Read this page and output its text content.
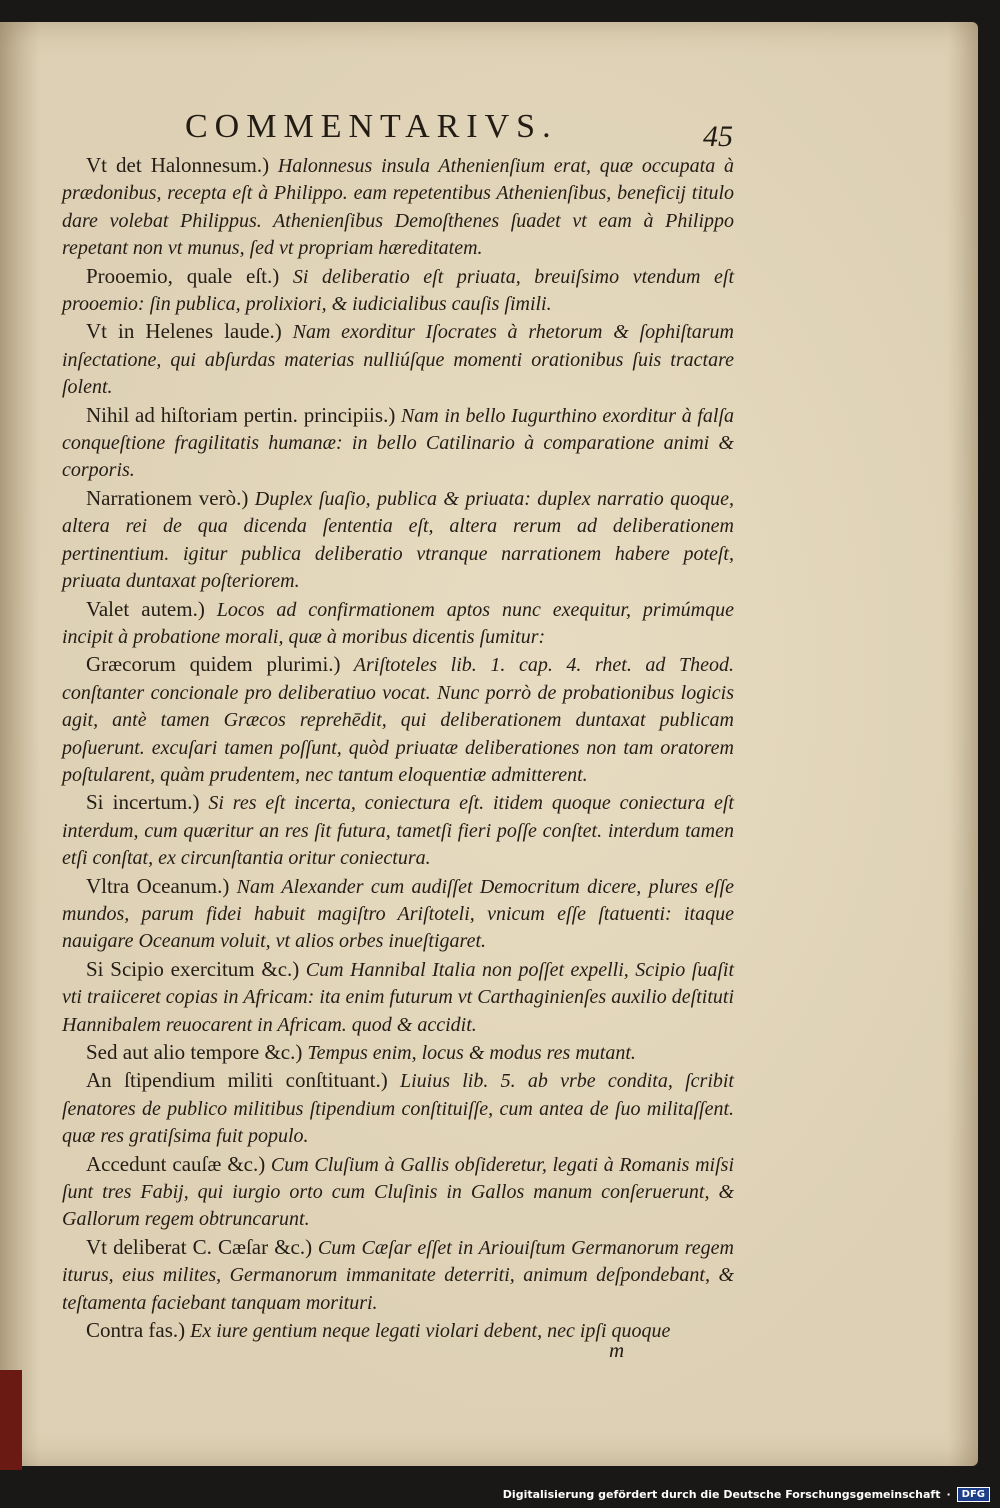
COMMENTARIVS.	45

Vt det Halonnesum.) Halonnesus insula Athenienſium erat, quæ occupata à prædonibus, recepta eſt à Philippo. eam repetentibus Athenienſibus, beneficij titulo dare volebat Philippus. Athenienſibus Demoſthenes ſuadet vt eam à Philippo repetant non vt munus, ſed vt propriam hæreditatem.

Prooemio, quale eſt.) Si deliberatio eſt priuata, breuiſsimo vtendum eſt prooemio: ſin publica, prolixiori, & iudicialibus cauſis ſimili.

Vt in Helenes laude.) Nam exorditur Iſocrates à rhetorum & ſophiſtarum inſectatione, qui abſurdas materias nulliúſque momenti orationibus ſuis tractare ſolent.

Nihil ad hiſtoriam pertin. principiis.) Nam in bello Iugurthino exorditur à falſa conqueſtione fragilitatis humanæ: in bello Catilinario à comparatione animi & corporis.

Narrationem verò.) Duplex ſuaſio, publica & priuata: duplex narratio quoque, altera rei de qua dicenda ſententia eſt, altera rerum ad deliberationem pertinentium. igitur publica deliberatio vtranque narrationem habere poteſt, priuata duntaxat poſteriorem.

Valet autem.) Locos ad confirmationem aptos nunc exequitur, primúmque incipit à probatione morali, quæ à moribus dicentis ſumitur:

Græcorum quidem plurimi.) Ariſtoteles lib. 1. cap. 4. rhet. ad Theod. conſtanter concionale pro deliberatiuo vocat. Nunc porrò de probationibus logicis agit, antè tamen Græcos reprehēdit, qui deliberationem duntaxat publicam poſuerunt. excuſari tamen poſſunt, quòd priuatæ deliberationes non tam oratorem poſtularent, quàm prudentem, nec tantum eloquentiæ admitterent.

Si incertum.) Si res eſt incerta, coniectura eſt. itidem quoque coniectura eſt interdum, cum quæritur an res ſit futura, tametſi fieri poſſe conſtet. interdum tamen etſi conſtat, ex circunſtantia oritur coniectura.

Vltra Oceanum.) Nam Alexander cum audiſſet Democritum dicere, plures eſſe mundos, parum fidei habuit magiſtro Ariſtoteli, vnicum eſſe ſtatuenti: itaque nauigare Oceanum voluit, vt alios orbes inueſtigaret.

Si Scipio exercitum &c.) Cum Hannibal Italia non poſſet expelli, Scipio ſuaſit vti traiiceret copias in Africam: ita enim futurum vt Carthaginienſes auxilio deſtituti Hannibalem reuocarent in Africam. quod & accidit.

Sed aut alio tempore &c.) Tempus enim, locus & modus res mutant.

An ſtipendium militi conſtituant.) Liuius lib. 5. ab vrbe condita, ſcribit ſenatores de publico militibus ſtipendium conſtituiſſe, cum antea de ſuo militaſſent. quæ res gratiſsima fuit populo.

Accedunt cauſæ &c.) Cum Cluſium à Gallis obſideretur, legati à Romanis miſsi ſunt tres Fabij, qui iurgio orto cum Cluſinis in Gallos manum conſeruerunt, & Gallorum regem obtruncarunt.

Vt deliberat C. Cæſar &c.) Cum Cæſar eſſet in Ariouiſtum Germanorum regem iturus, eius milites, Germanorum immanitate deterriti, animum deſpondebant, & teſtamenta faciebant tanquam morituri.

Contra fas.) Ex iure gentium neque legati violari debent, nec ipſi quoque

m
Digitalisierung gefördert durch die Deutsche Forschungsgemeinschaft ·	DFG
